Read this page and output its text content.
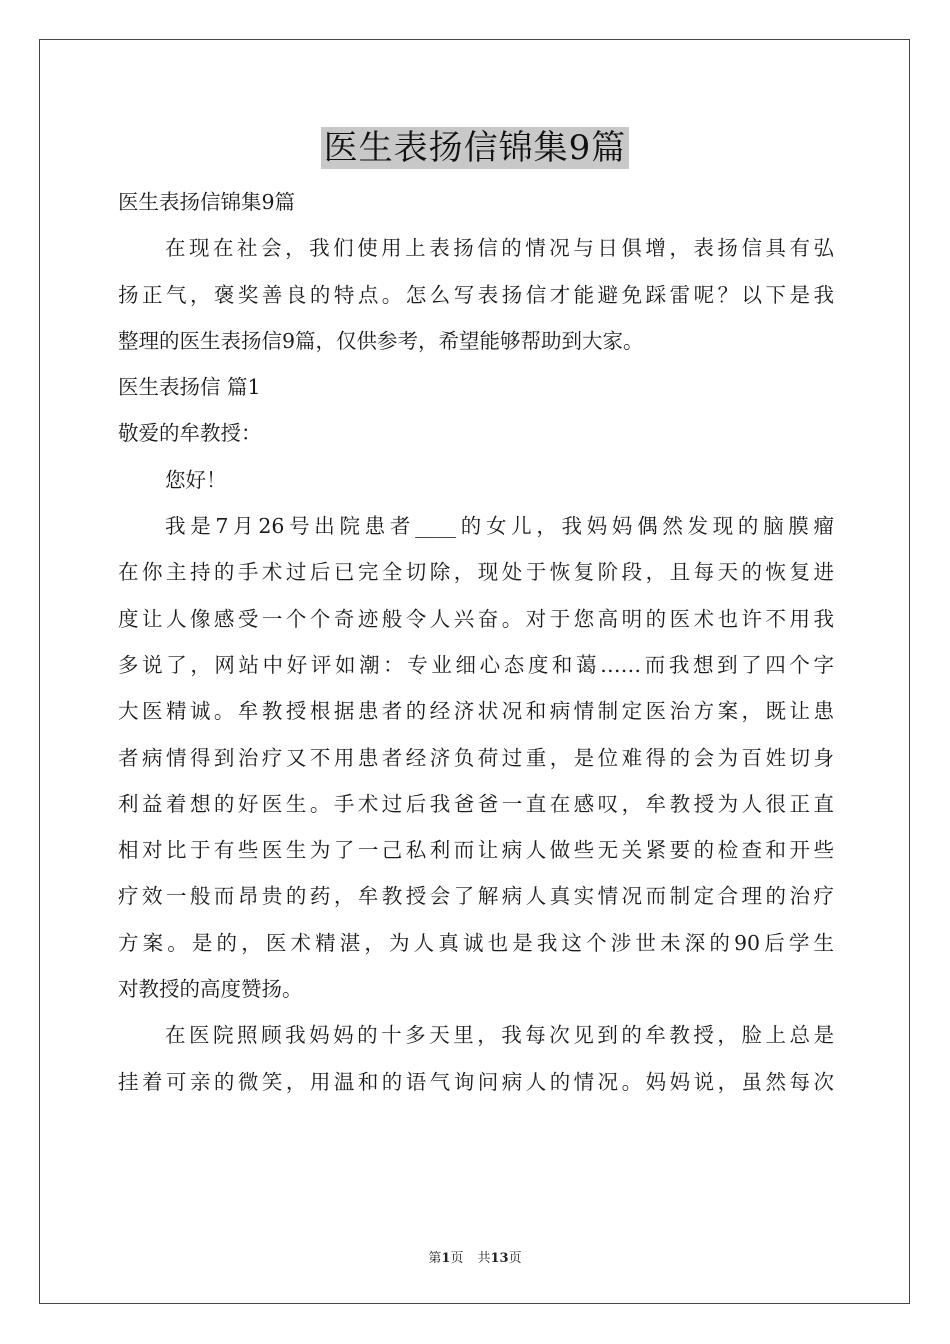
医生表扬信锦集9篇
医生表扬信锦集9篇
在现在社会，我们使用上表扬信的情况与日俱增，表扬信具有弘
扬正气，褒奖善良的特点。怎么写表扬信才能避免踩雷呢？以下是我
整理的医生表扬信9篇，仅供参考，希望能够帮助到大家。
医生表扬信 篇1
敬爱的牟教授：
您好！
我是7月26号出院患者____的女儿，我妈妈偶然发现的脑膜瘤
在你主持的手术过后已完全切除，现处于恢复阶段，且每天的恢复进
度让人像感受一个个奇迹般令人兴奋。对于您高明的医术也许不用我
多说了，网站中好评如潮：专业细心态度和蔼……而我想到了四个字
大医精诚。牟教授根据患者的经济状况和病情制定医治方案，既让患
者病情得到治疗又不用患者经济负荷过重，是位难得的会为百姓切身
利益着想的好医生。手术过后我爸爸一直在感叹，牟教授为人很正直
相对比于有些医生为了一己私利而让病人做些无关紧要的检查和开些
疗效一般而昂贵的药，牟教授会了解病人真实情况而制定合理的治疗
方案。是的，医术精湛，为人真诚也是我这个涉世未深的90后学生
对教授的高度赞扬。
在医院照顾我妈妈的十多天里，我每次见到的牟教授，脸上总是
挂着可亲的微笑，用温和的语气询问病人的情况。妈妈说，虽然每次
第1页 共13页
